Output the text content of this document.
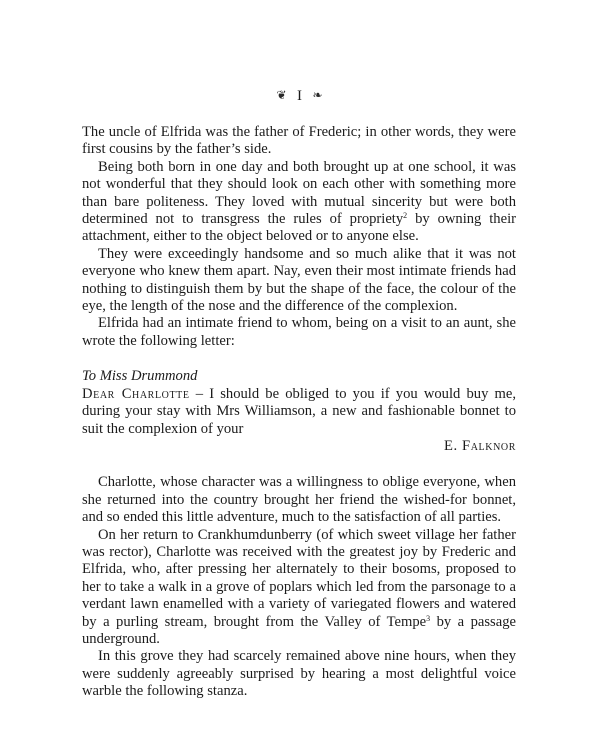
❦ I ❧

The uncle of Elfrida was the father of Frederic; in other words, they were first cousins by the father’s side.

Being both born in one day and both brought up at one school, it was not wonderful that they should look on each other with something more than bare politeness. They loved with mutual sincerity but were both determined not to transgress the rules of propriety$^2$ by owning their attachment, either to the object beloved or to anyone else.

They were exceedingly handsome and so much alike that it was not everyone who knew them apart. Nay, even their most intimate friends had nothing to distinguish them by but the shape of the face, the colour of the eye, the length of the nose and the difference of the complexion.

Elfrida had an intimate friend to whom, being on a visit to an aunt, she wrote the following letter:

To Miss Drummond

Dear Charlotte – I should be obliged to you if you would buy me, during your stay with Mrs Williamson, a new and fashionable bonnet to suit the complexion of your

E. Falknor

Charlotte, whose character was a willingness to oblige everyone, when she returned into the country brought her friend the wished-for bonnet, and so ended this little adventure, much to the satisfaction of all parties.

On her return to Crankhumdunberry (of which sweet village her father was rector), Charlotte was received with the greatest joy by Frederic and Elfrida, who, after pressing her alternately to their bosoms, proposed to her to take a walk in a grove of poplars which led from the parsonage to a verdant lawn enamelled with a variety of variegated flowers and watered by a purling stream, brought from the Valley of Tempe$^3$ by a passage underground.

In this grove they had scarcely remained above nine hours, when they were suddenly agreeably surprised by hearing a most delightful voice warble the following stanza.
